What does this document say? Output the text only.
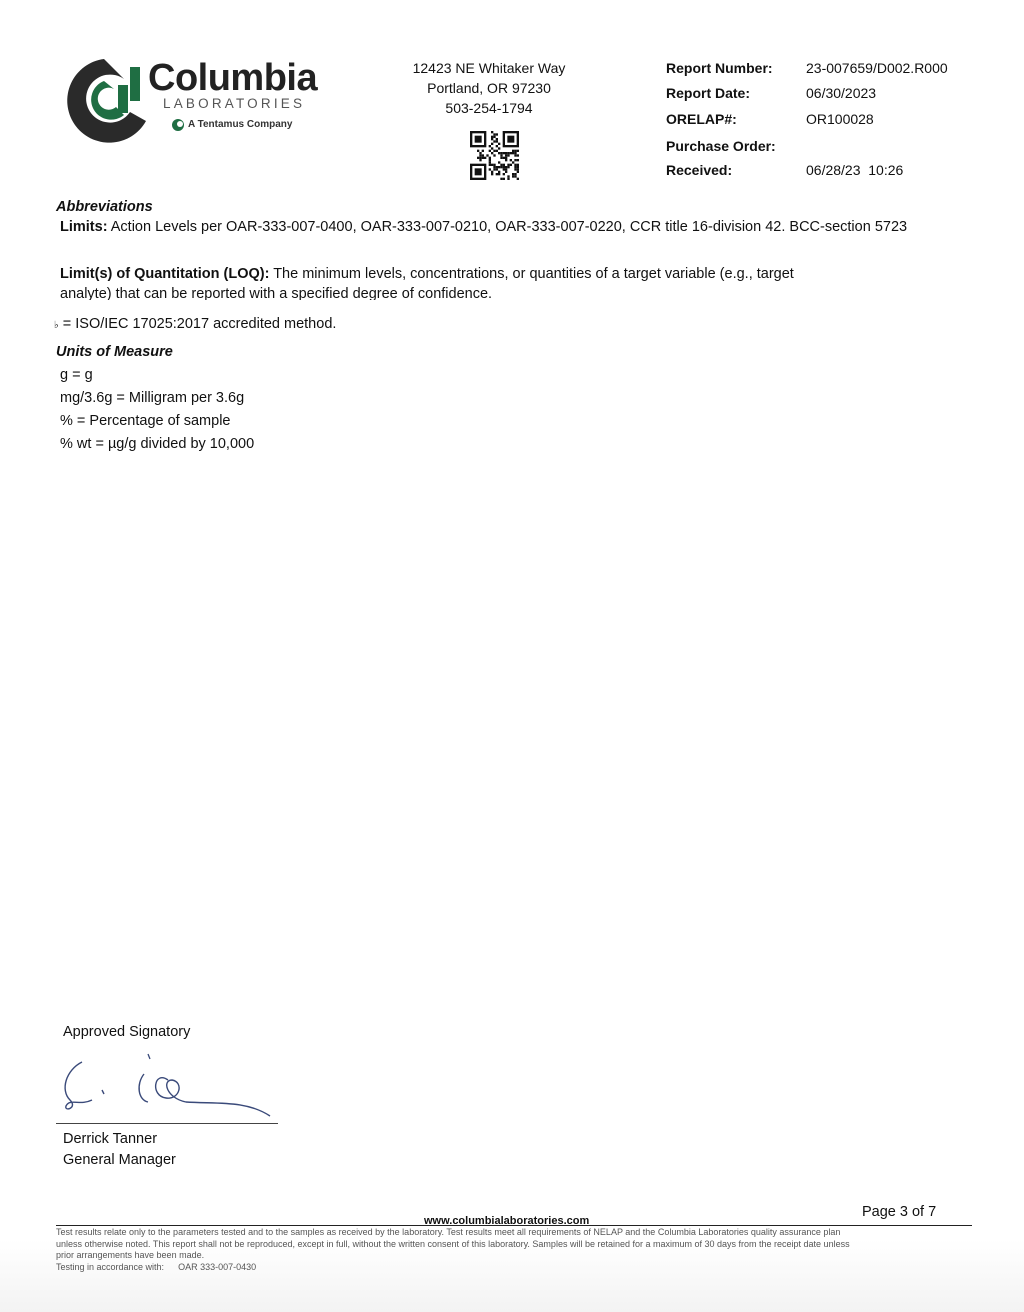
Columbia
LABORATORIES
A Tentamus Company
12423 NE Whitaker Way
Portland, OR 97230
503-254-1794
Report Number: 23-007659/D002.R000
Report Date:	06/30/2023
ORELAP#:	OR100028
Purchase Order:
Received:	06/28/23  10:26
Abbreviations
Limits: Action Levels per OAR-333-007-0400, OAR-333-007-0210, OAR-333-007-0220, CCR title 16-division 42. BCC-section 5723
Limit(s) of Quantitation (LOQ): The minimum levels, concentrations, or quantities of a target variable (e.g., target
analyte) that can be reported with a specified degree of confidence.
♭ = ISO/IEC 17025:2017 accredited method.
Units of Measure
g = g
mg/3.6g = Milligram per 3.6g
% = Percentage of sample
% wt = µg/g divided by 10,000
Approved Signatory
Derrick Tanner
General Manager
Page 3 of 7
www.columbialaboratories.com
Test results relate only to the parameters tested and to the samples as received by the laboratory. Test results meet all requirements of NELAP and the Columbia Laboratories quality assurance plan
unless otherwise noted. This report shall not be reproduced, except in full, without the written consent of this laboratory. Samples will be retained for a maximum of 30 days from the receipt date unless
prior arrangements have been made.
Testing in accordance with: OAR 333-007-0430
